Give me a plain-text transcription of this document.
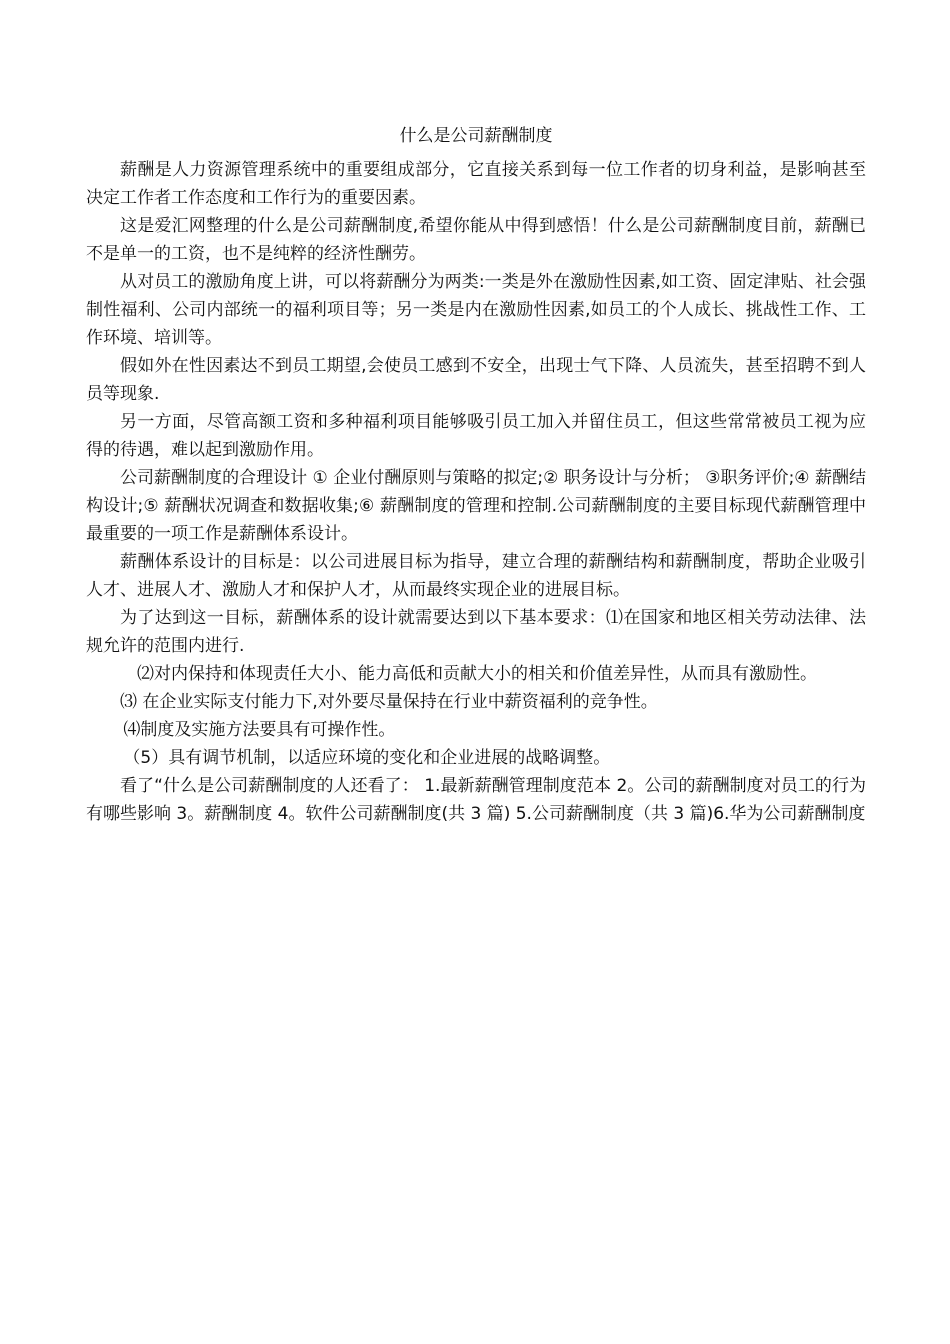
什么是公司薪酬制度

薪酬是人力资源管理系统中的重要组成部分，它直接关系到每一位工作者的切身利益，是影响甚至决定工作者工作态度和工作行为的重要因素。

这是爱汇网整理的什么是公司薪酬制度,希望你能从中得到感悟！什么是公司薪酬制度目前，薪酬已不是单一的工资，也不是纯粹的经济性酬劳。

从对员工的激励角度上讲，可以将薪酬分为两类:一类是外在激励性因素,如工资、固定津贴、社会强制性福利、公司内部统一的福利项目等；另一类是内在激励性因素,如员工的个人成长、挑战性工作、工作环境、培训等。

假如外在性因素达不到员工期望,会使员工感到不安全，出现士气下降、人员流失，甚至招聘不到人员等现象.

另一方面，尽管高额工资和多种福利项目能够吸引员工加入并留住员工，但这些常常被员工视为应得的待遇，难以起到激励作用。

公司薪酬制度的合理设计 ① 企业付酬原则与策略的拟定;② 职务设计与分析； ③职务评价;④ 薪酬结构设计;⑤ 薪酬状况调查和数据收集;⑥ 薪酬制度的管理和控制.公司薪酬制度的主要目标现代薪酬管理中最重要的一项工作是薪酬体系设计。

薪酬体系设计的目标是：以公司进展目标为指导，建立合理的薪酬结构和薪酬制度，帮助企业吸引人才、进展人才、激励人才和保护人才，从而最终实现企业的进展目标。

为了达到这一目标，薪酬体系的设计就需要达到以下基本要求：⑴在国家和地区相关劳动法律、法规允许的范围内进行.

⑵对内保持和体现责任大小、能力高低和贡献大小的相关和价值差异性，从而具有激励性。

⑶ 在企业实际支付能力下,对外要尽量保持在行业中薪资福利的竞争性。

⑷制度及实施方法要具有可操作性。

（5）具有调节机制，以适应环境的变化和企业进展的战略调整。

看了“什么是公司薪酬制度的人还看了： 1.最新薪酬管理制度范本 2。公司的薪酬制度对员工的行为有哪些影响 3。薪酬制度 4。软件公司薪酬制度(共 3 篇) 5.公司薪酬制度（共 3 篇)6.华为公司薪酬制度
